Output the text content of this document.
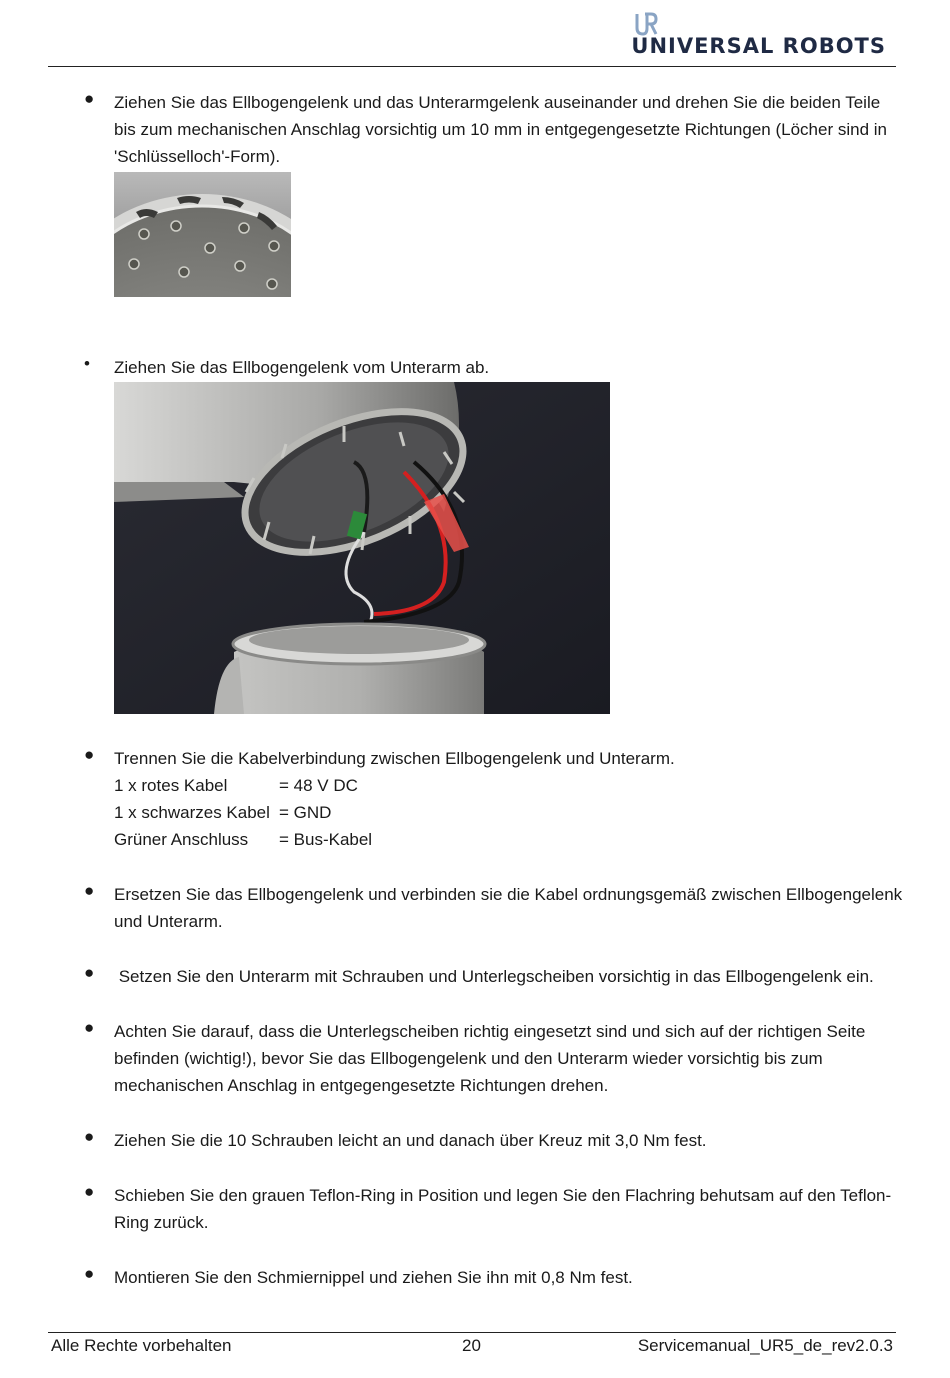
UNIVERSAL ROBOTS
● Ziehen Sie das Ellbogengelenk und das Unterarmgelenk auseinander und drehen Sie die beiden Teile bis zum mechanischen Anschlag vorsichtig um 10 mm in entgegengesetzte Richtungen (Löcher sind in 'Schlüsselloch'-Form).
•	Ziehen Sie das Ellbogengelenk vom Unterarm ab.
● Trennen Sie die Kabelverbindung zwischen Ellbogengelenk und Unterarm.
1 x rotes Kabel	= 48 V DC
1 x schwarzes Kabel = GND
Grüner Anschluss = Bus-Kabel
● Ersetzen Sie das Ellbogengelenk und verbinden sie die Kabel ordnungsgemäß zwischen Ellbogengelenk und Unterarm.
● Setzen Sie den Unterarm mit Schrauben und Unterlegscheiben vorsichtig in das Ellbogengelenk ein.
● Achten Sie darauf, dass die Unterlegscheiben richtig eingesetzt sind und sich auf der richtigen Seite befinden (wichtig!), bevor Sie das Ellbogengelenk und den Unterarm wieder vorsichtig bis zum mechanischen Anschlag in entgegengesetzte Richtungen drehen.
● Ziehen Sie die 10 Schrauben leicht an und danach über Kreuz mit 3,0 Nm fest.
● Schieben Sie den grauen Teflon-Ring in Position und legen Sie den Flachring behutsam auf den Teflon-Ring zurück.
● Montieren Sie den Schmiernippel und ziehen Sie ihn mit 0,8 Nm fest.
Alle Rechte vorbehalten	20	Servicemanual_UR5_de_rev2.0.3
